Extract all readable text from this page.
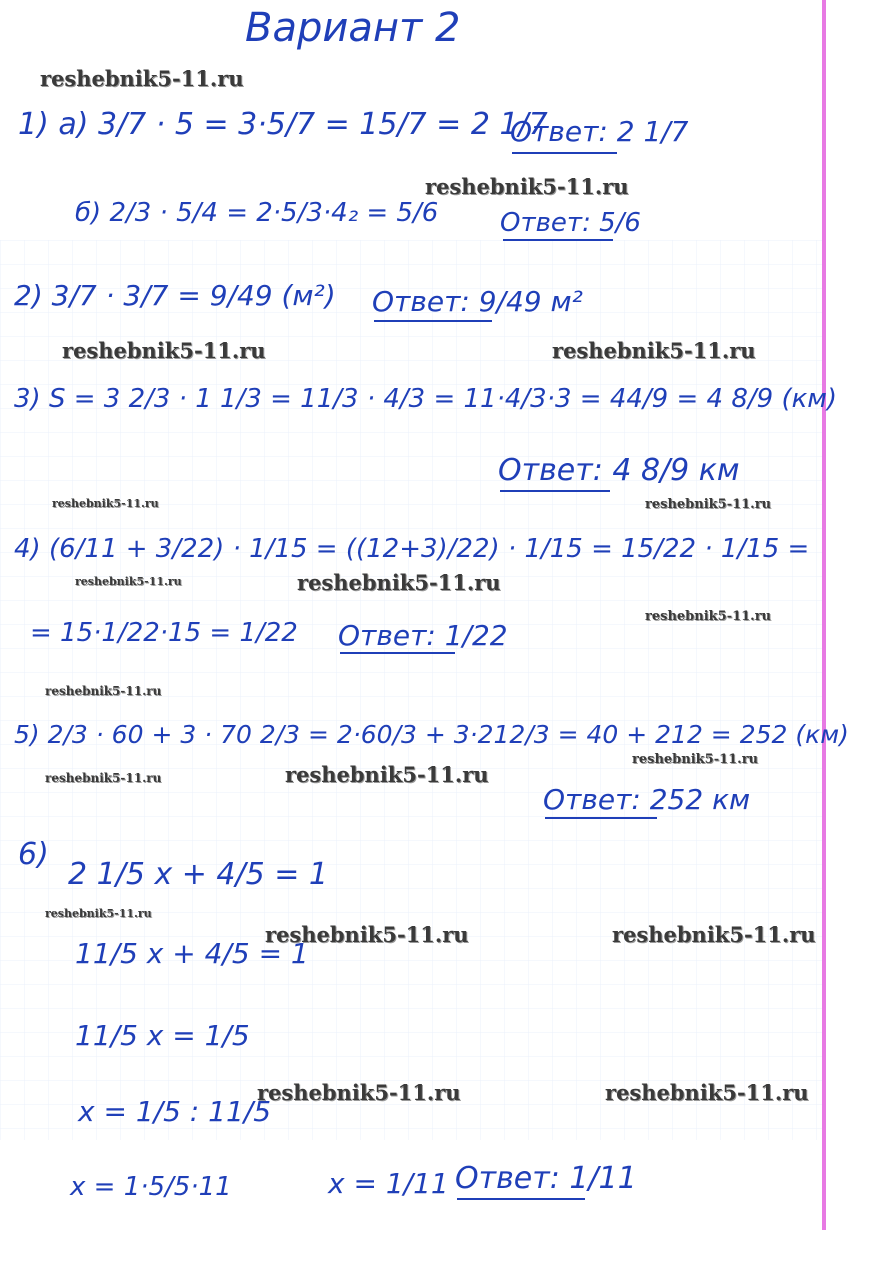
Вариант 2
reshebnik5-11.ru
reshebnik5-11.ru
reshebnik5-11.ru	reshebnik5-11.ru
reshebnik5-11.ru	reshebnik5-11.ru
reshebnik5-11.ru	reshebnik5-11.ru
reshebnik5-11.ru
reshebnik5-11.ru
reshebnik5-11.ru
reshebnik5-11.ru	reshebnik5-11.ru
reshebnik5-11.ru
reshebnik5-11.ru	reshebnik5-11.ru
reshebnik5-11.ru	reshebnik5-11.ru
1) а) 3/7 · 5 = 3·5/7 = 15/7 = 2 1/7
Ответ: 2 1/7
б) 2/3 · 5/4 = 2·5/3·4₂ = 5/6 Ответ: 5/6
2) 3/7 · 3/7 = 9/49 (м²) Ответ: 9/49 м²
3) S = 3 2/3 · 1 1/3 = 11/3 · 4/3 = 11·4/3·3 = 44/9 = 4 8/9 (км)
Ответ: 4 8/9 км
4) (6/11 + 3/22) · 1/15 = ((12+3)/22) · 1/15 = 15/22 · 1/15 =
= 15·1/22·15 = 1/22 Ответ: 1/22
5) 2/3 · 60 + 3 · 70 2/3 = 2·60/3 + 3·212/3 = 40 + 212 = 252 (км)
Ответ: 252 км
6)
2 1/5 x + 4/5 = 1
11/5 x + 4/5 = 1
11/5 x = 1/5
x = 1/5 : 11/5
x = 1·5/5·11	x = 1/11 Ответ: 1/11
